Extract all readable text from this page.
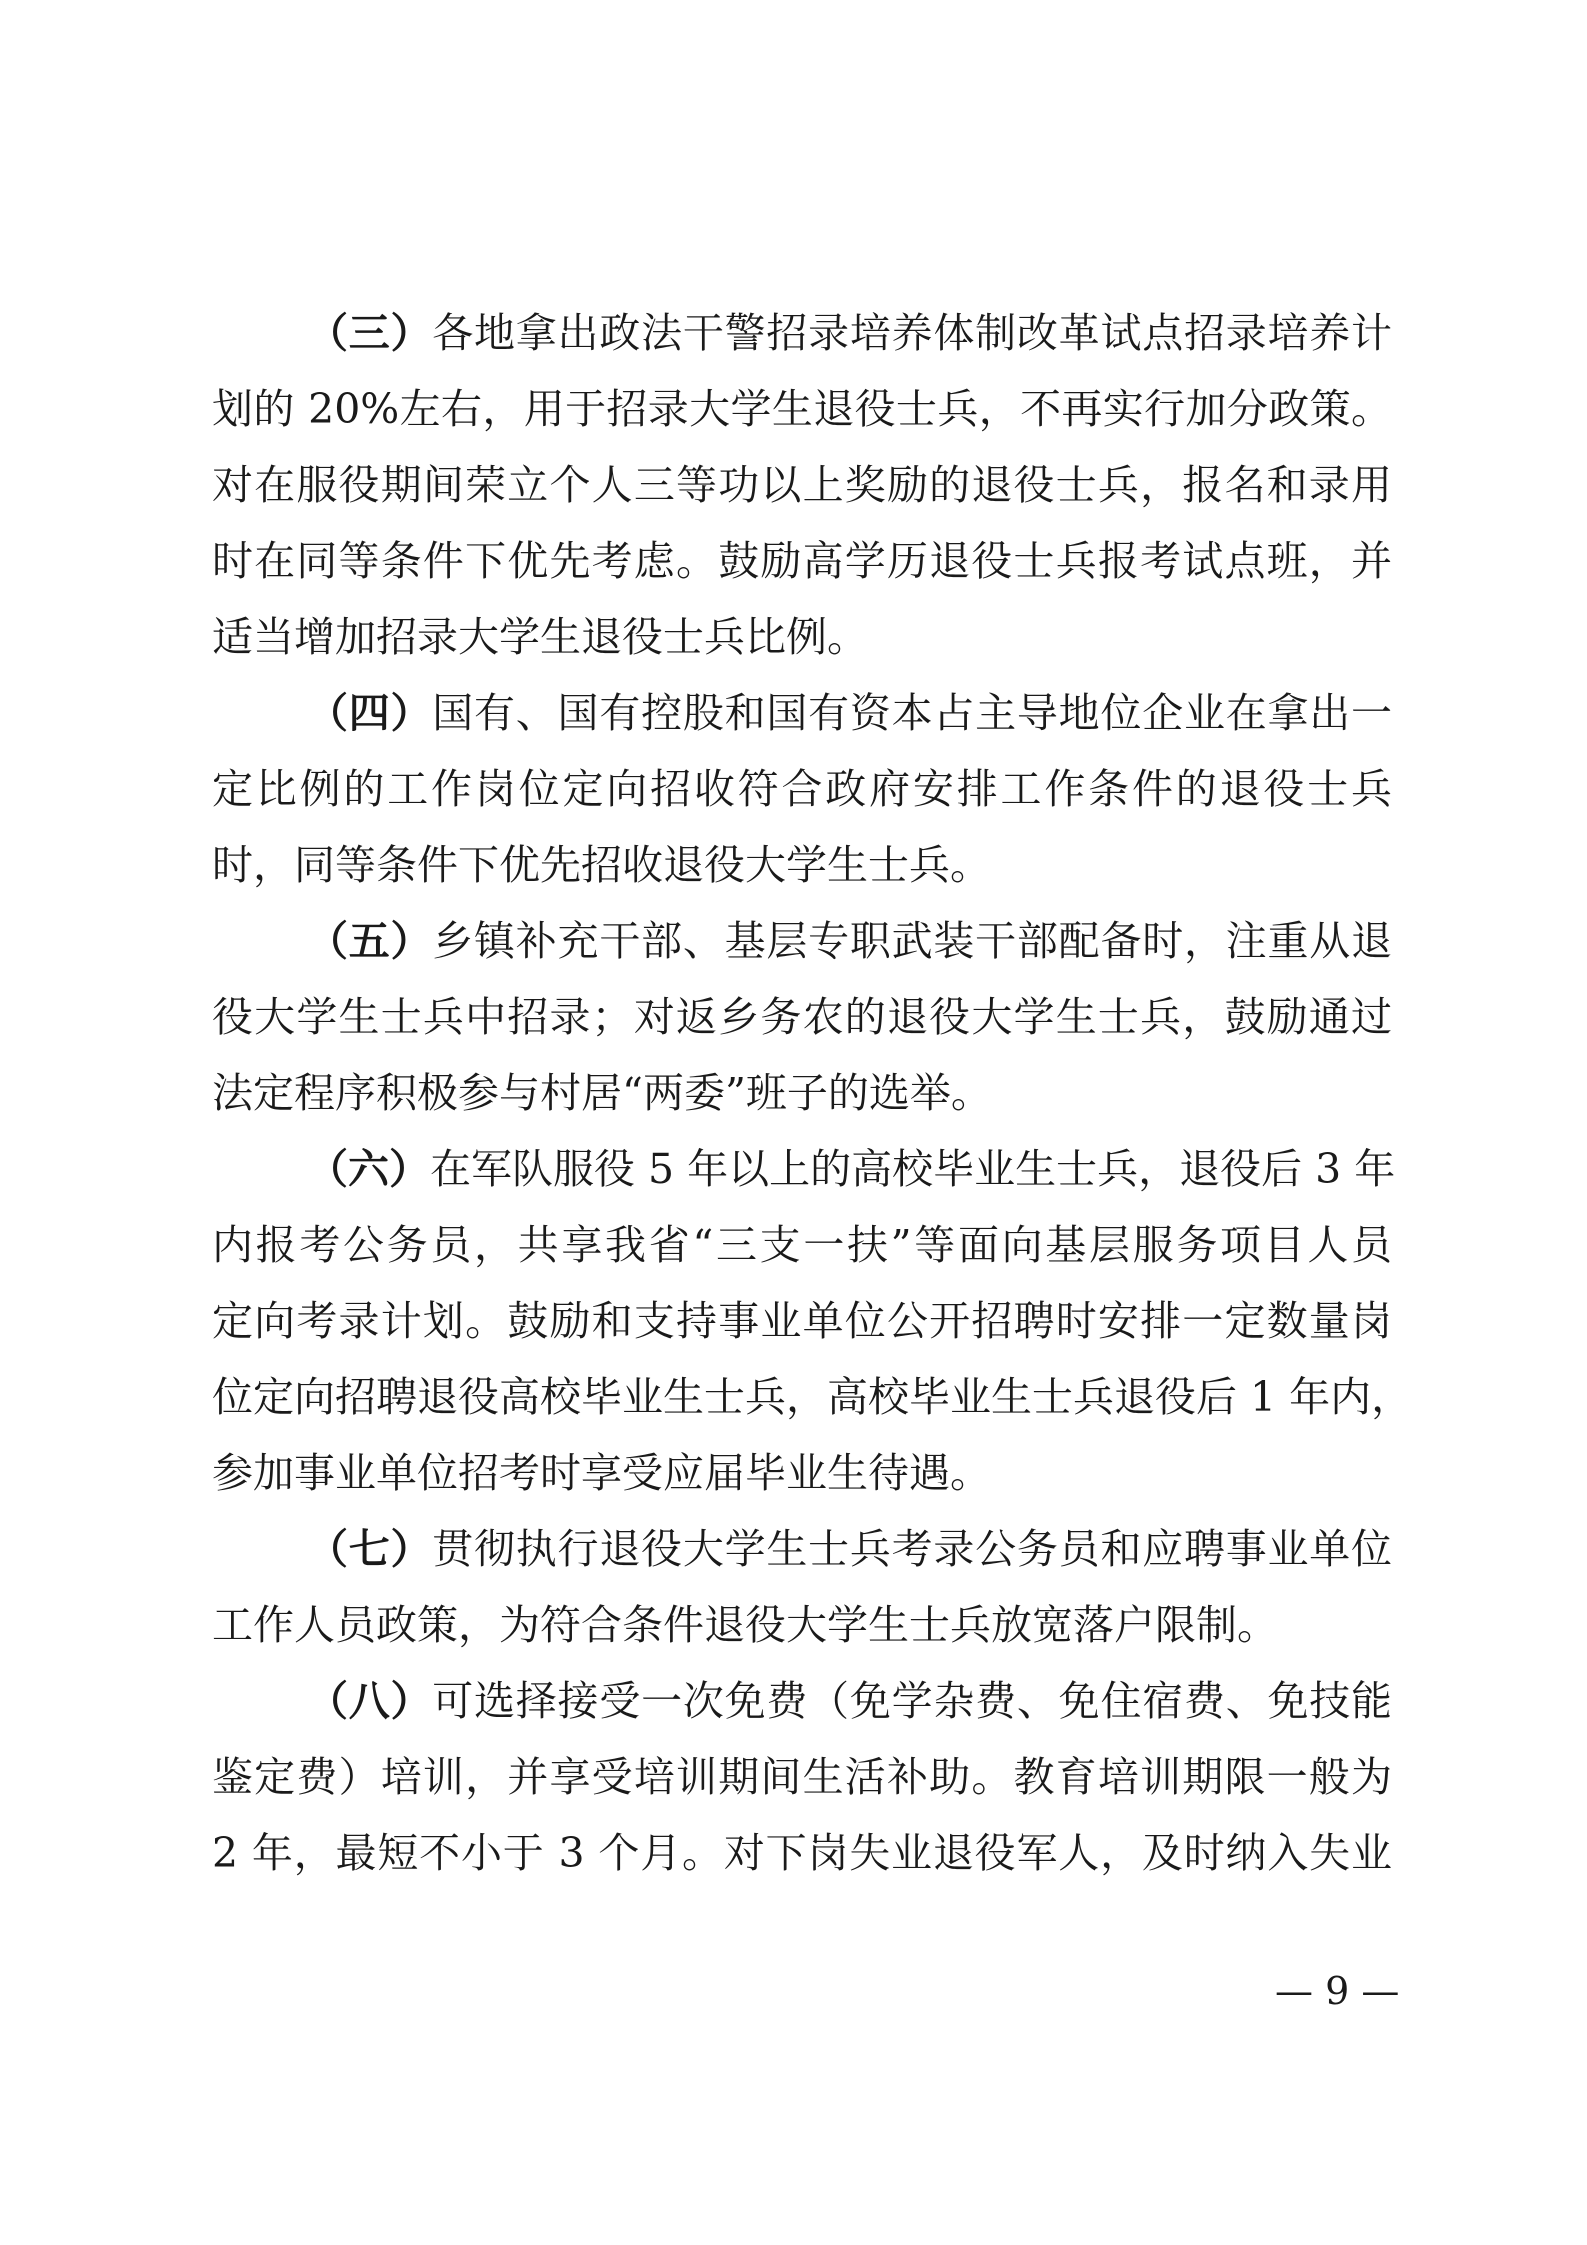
（三）各地拿出政法干警招录培养体制改革试点招录培养计
划的 20%左右，用于招录大学生退役士兵，不再实行加分政策。
对在服役期间荣立个人三等功以上奖励的退役士兵，报名和录用
时在同等条件下优先考虑。鼓励高学历退役士兵报考试点班，并
适当增加招录大学生退役士兵比例。
（四）国有、国有控股和国有资本占主导地位企业在拿出一
定比例的工作岗位定向招收符合政府安排工作条件的退役士兵
时，同等条件下优先招收退役大学生士兵。
（五）乡镇补充干部、基层专职武装干部配备时，注重从退
役大学生士兵中招录；对返乡务农的退役大学生士兵，鼓励通过
法定程序积极参与村居“两委”班子的选举。
（六）在军队服役 5 年以上的高校毕业生士兵，退役后 3 年
内报考公务员，共享我省“三支一扶”等面向基层服务项目人员
定向考录计划。鼓励和支持事业单位公开招聘时安排一定数量岗
位定向招聘退役高校毕业生士兵，高校毕业生士兵退役后 1 年内，
参加事业单位招考时享受应届毕业生待遇。
（七）贯彻执行退役大学生士兵考录公务员和应聘事业单位
工作人员政策，为符合条件退役大学生士兵放宽落户限制。
（八）可选择接受一次免费（免学杂费、免住宿费、免技能
鉴定费）培训，并享受培训期间生活补助。教育培训期限一般为
2 年，最短不小于 3 个月。对下岗失业退役军人，及时纳入失业
— 9 —
